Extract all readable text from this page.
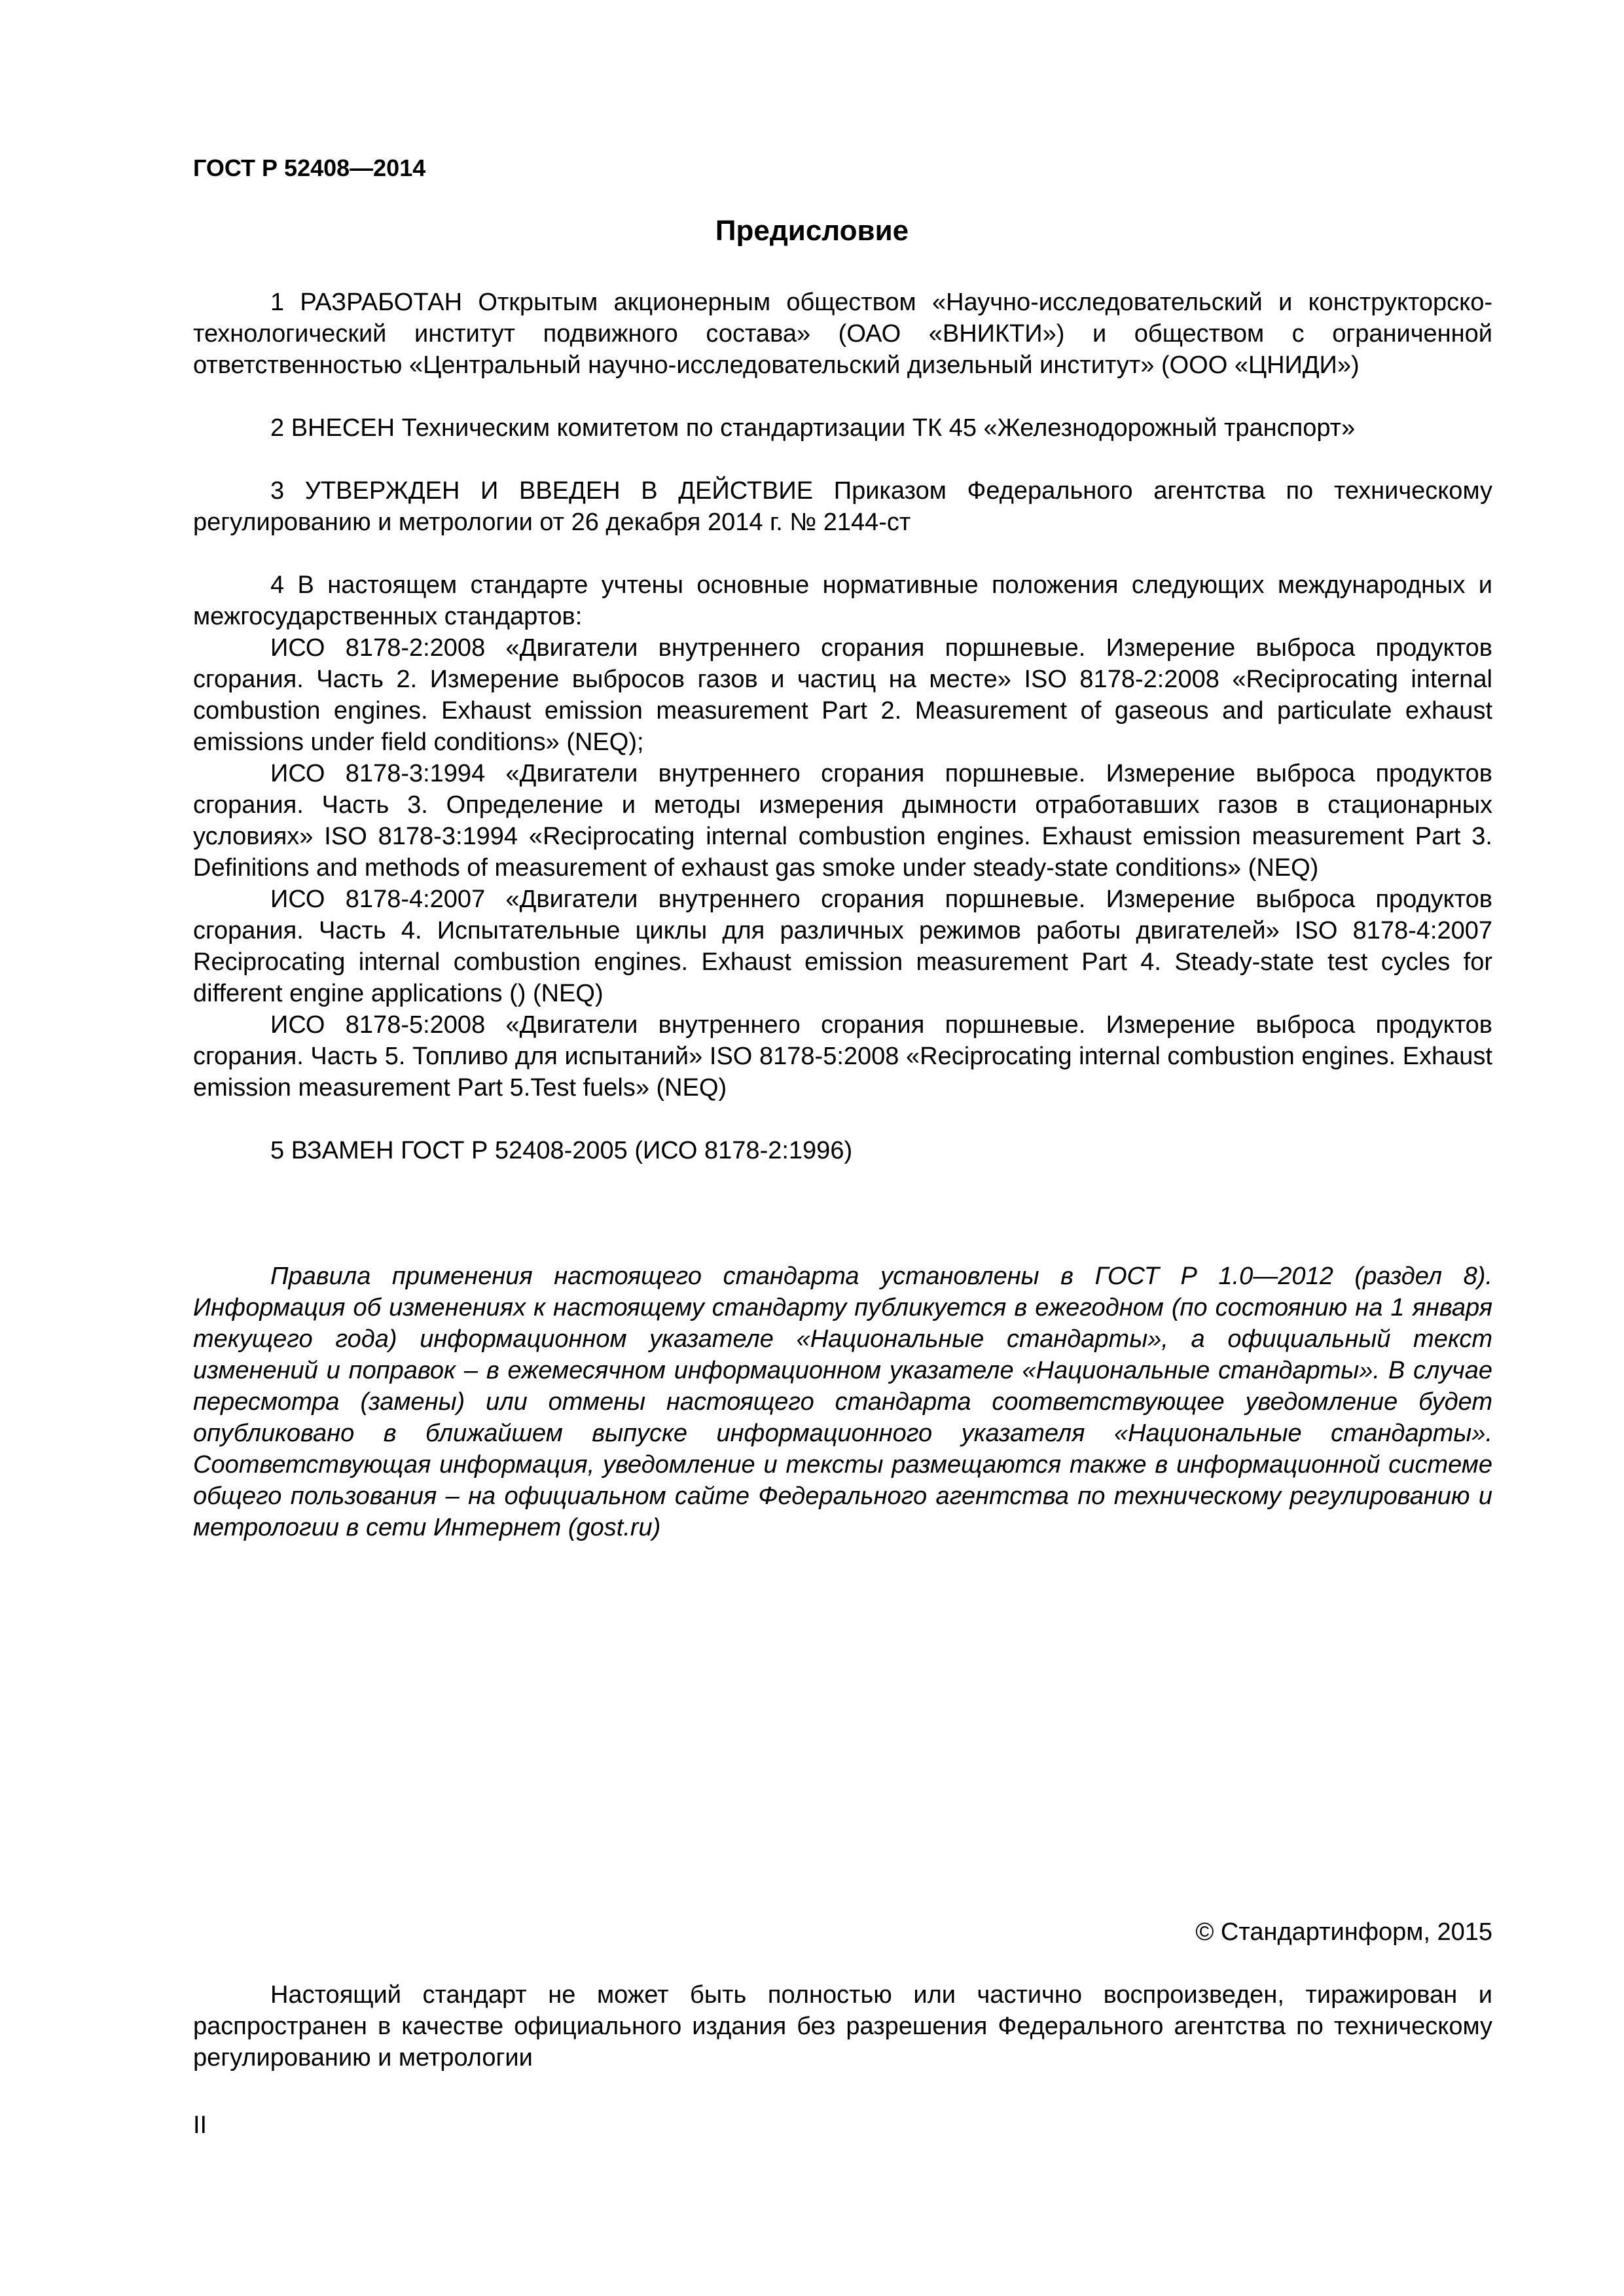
ГОСТ Р 52408—2014
Предисловие

1 РАЗРАБОТАН Открытым акционерным обществом «Научно-исследовательский и конструкторско-технологический институт подвижного состава» (ОАО «ВНИКТИ») и обществом с ограниченной ответственностью «Центральный научно-исследовательский дизельный институт» (ООО «ЦНИДИ»)

2 ВНЕСЕН Техническим комитетом по стандартизации ТК 45 «Железнодорожный транспорт»

3 УТВЕРЖДЕН И ВВЕДЕН В ДЕЙСТВИЕ Приказом Федерального агентства по техническому регулированию и метрологии от 26 декабря 2014 г. № 2144-ст

4 В настоящем стандарте учтены основные нормативные положения следующих международных и межгосударственных стандартов:

ИСО 8178-2:2008 «Двигатели внутреннего сгорания поршневые. Измерение выброса продуктов сгорания. Часть 2. Измерение выбросов газов и частиц на месте» ISO 8178-2:2008 «Reciprocating internal combustion engines. Exhaust emission measurement Part 2. Measurement of gaseous and particulate exhaust emissions under field conditions» (NEQ);

ИСО 8178-3:1994 «Двигатели внутреннего сгорания поршневые. Измерение выброса продуктов сгорания. Часть 3. Определение и методы измерения дымности отработавших газов в стационарных условиях» ISO 8178-3:1994 «Reciprocating internal combustion engines. Exhaust emission measurement Part 3. Definitions and methods of measurement of exhaust gas smoke under steady-state conditions» (NEQ)

ИСО 8178-4:2007 «Двигатели внутреннего сгорания поршневые. Измерение выброса продуктов сгорания. Часть 4. Испытательные циклы для различных режимов работы двигателей» ISO 8178-4:2007 Reciprocating internal combustion engines. Exhaust emission measurement Part 4. Steady-state test cycles for different engine applications () (NEQ)

ИСО 8178-5:2008 «Двигатели внутреннего сгорания поршневые. Измерение выброса продуктов сгорания. Часть 5. Топливо для испытаний» ISO 8178-5:2008 «Reciprocating internal combustion engines. Exhaust emission measurement Part 5.Test fuels» (NEQ)

5 ВЗАМЕН ГОСТ Р 52408-2005 (ИСО 8178-2:1996)

Правила применения настоящего стандарта установлены в ГОСТ Р 1.0—2012 (раздел 8). Информация об изменениях к настоящему стандарту публикуется в ежегодном (по состоянию на 1 января текущего года) информационном указателе «Национальные стандарты», а официальный текст изменений и поправок – в ежемесячном информационном указателе «Национальные стандарты». В случае пересмотра (замены) или отмены настоящего стандарта соответствующее уведомление будет опубликовано в ближайшем выпуске информационного указателя «Национальные стандарты». Соответствующая информация, уведомление и тексты размещаются также в информационной системе общего пользования – на официальном сайте Федерального агентства по техническому регулированию и метрологии в сети Интернет (gost.ru)

© Стандартинформ, 2015

Настоящий стандарт не может быть полностью или частично воспроизведен, тиражирован и распространен в качестве официального издания без разрешения Федерального агентства по техническому регулированию и метрологии

II
